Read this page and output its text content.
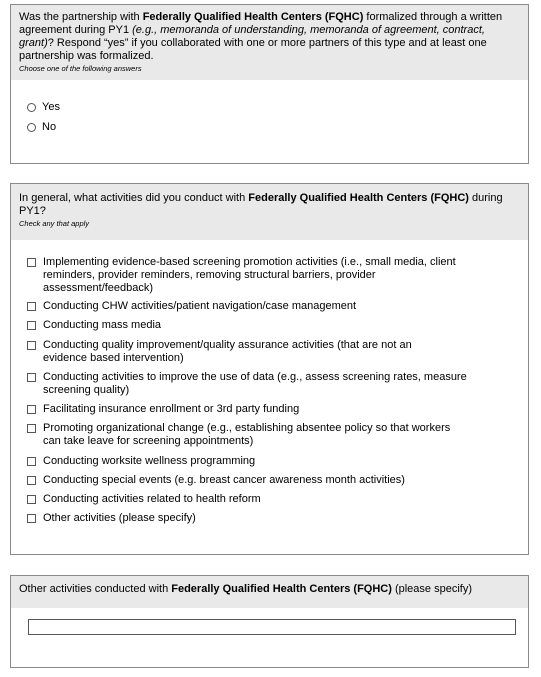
Was the partnership with Federally Qualified Health Centers (FQHC) formalized through a written agreement during PY1 (e.g., memoranda of understanding, memoranda of agreement, contract, grant)? Respond “yes” if you collaborated with one or more partners of this type and at least one partnership was formalized.
Choose one of the following answers
Yes
No
In general, what activities did you conduct with Federally Qualified Health Centers (FQHC) during PY1?
Check any that apply
Implementing evidence-based screening promotion activities (i.e., small media, client reminders, provider reminders, removing structural barriers, provider assessment/feedback)
Conducting CHW activities/patient navigation/case management
Conducting mass media
Conducting quality improvement/quality assurance activities (that are not an evidence based intervention)
Conducting activities to improve the use of data (e.g., assess screening rates, measure screening quality)
Facilitating insurance enrollment or 3rd party funding
Promoting organizational change (e.g., establishing absentee policy so that workers can take leave for screening appointments)
Conducting worksite wellness programming
Conducting special events (e.g. breast cancer awareness month activities)
Conducting activities related to health reform
Other activities (please specify)
Other activities conducted with Federally Qualified Health Centers (FQHC) (please specify)
